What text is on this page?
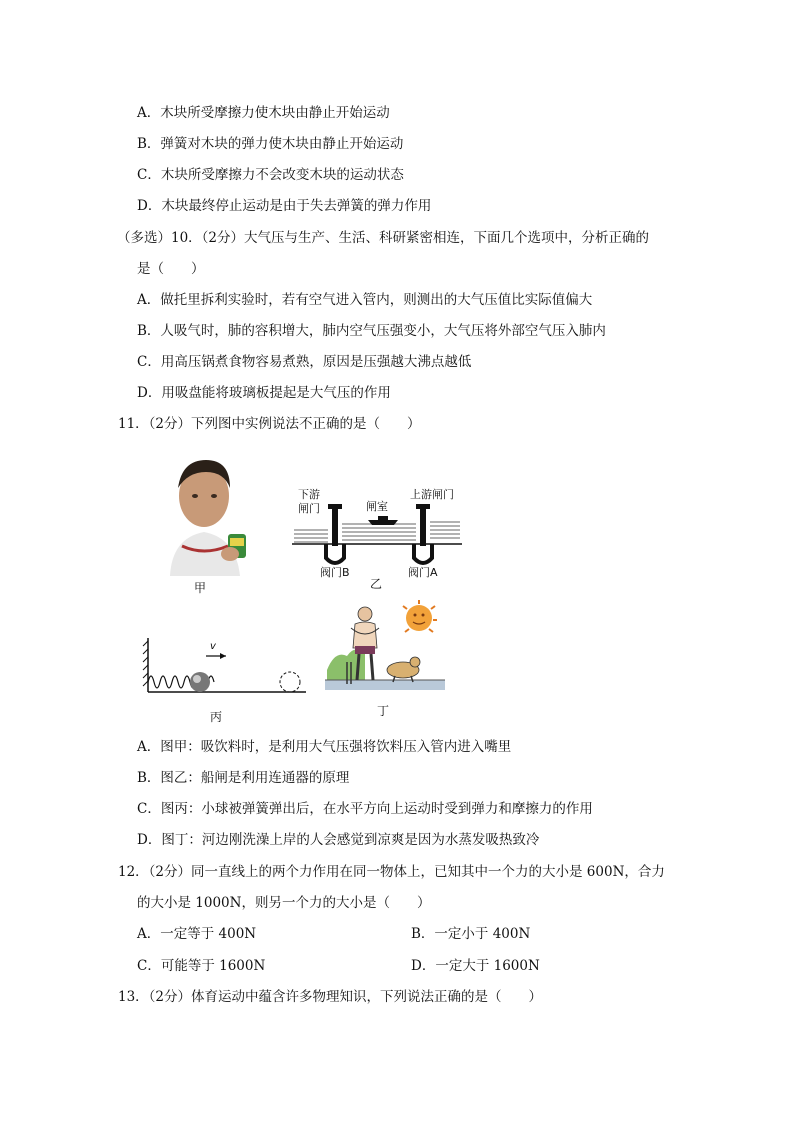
A．木块所受摩擦力使木块由静止开始运动
B．弹簧对木块的弹力使木块由静止开始运动
C．木块所受摩擦力不会改变木块的运动状态
D．木块最终停止运动是由于失去弹簧的弹力作用
（多选）10．（2分）大气压与生产、生活、科研紧密相连，下面几个选项中，分析正确的
是（　　）
A．做托里拆利实验时，若有空气进入管内，则测出的大气压值比实际值偏大
B．人吸气时，肺的容积增大，肺内空气压强变小，大气压将外部空气压入肺内
C．用高压锅煮食物容易煮熟，原因是压强越大沸点越低
D．用吸盘能将玻璃板提起是大气压的作用
11．（2分）下列图中实例说法不正确的是（　　）
甲
下游
闸门	闸室
上游闸门
阀门B	阀门A
乙
v
丙	丁
A．图甲：吸饮料时，是利用大气压强将饮料压入管内进入嘴里
B．图乙：船闸是利用连通器的原理
C．图丙：小球被弹簧弹出后，在水平方向上运动时受到弹力和摩擦力的作用
D．图丁：河边刚洗澡上岸的人会感觉到凉爽是因为水蒸发吸热致冷
12．（2分）同一直线上的两个力作用在同一物体上，已知其中一个力的大小是 600N，合力
的大小是 1000N，则另一个力的大小是（　　）
A．一定等于 400N	B．一定小于 400N
C．可能等于 1600N	D．一定大于 1600N
13．（2分）体育运动中蕴含许多物理知识，下列说法正确的是（　　）
